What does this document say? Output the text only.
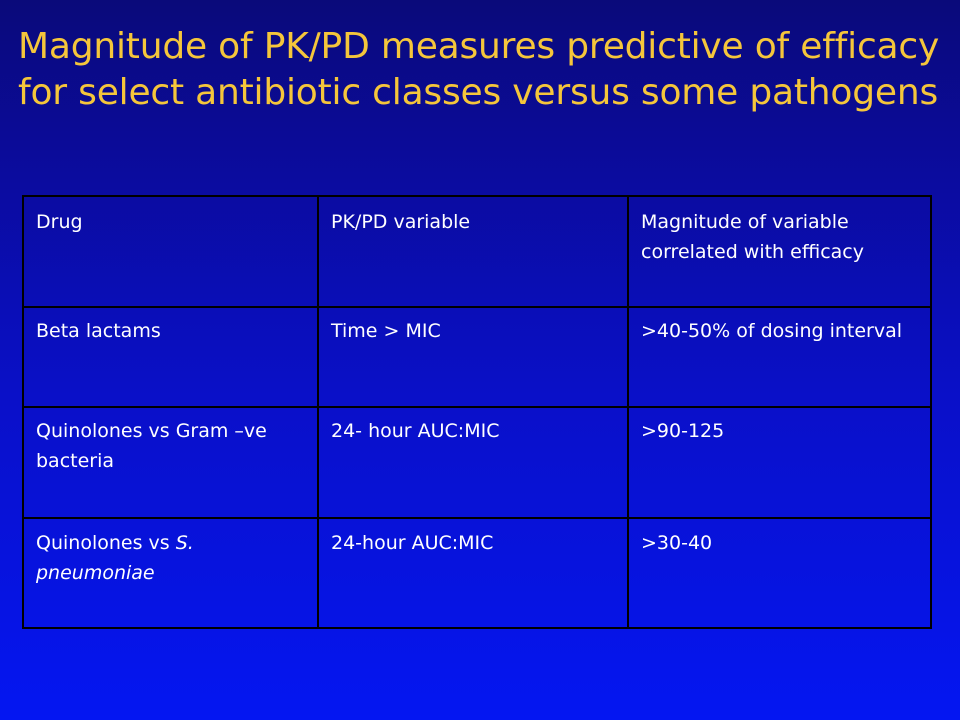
Magnitude of PK/PD measures predictive of efficacy
for select antibiotic classes versus some pathogens
Drug	PK/PD variable	Magnitude of variable correlated with efficacy
Beta lactams	Time > MIC	>40-50% of dosing interval
Quinolones vs Gram –ve bacteria	24- hour AUC:MIC	>90-125
Quinolones vs S. pneumoniae	24-hour AUC:MIC	>30-40
